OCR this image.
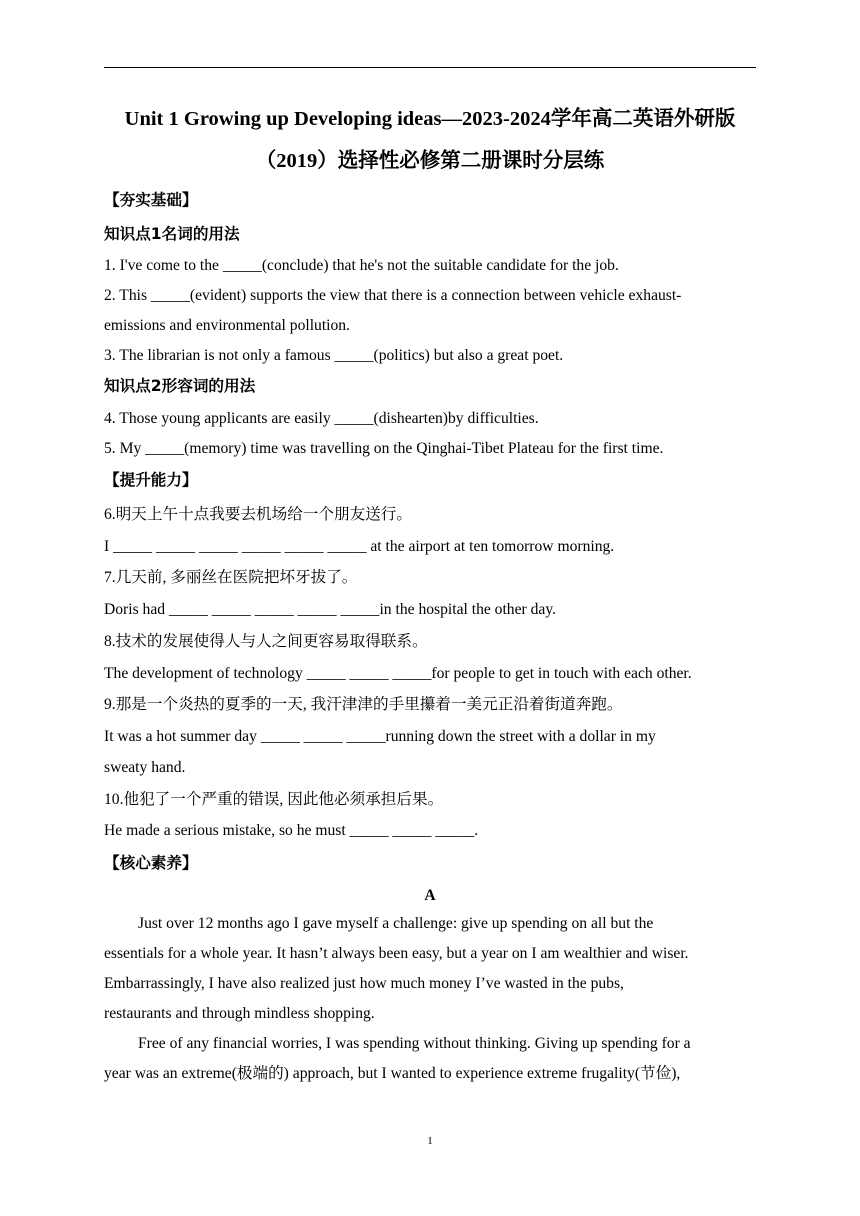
Unit 1 Growing up Developing ideas—2023-2024学年高二英语外研版
（2019）选择性必修第二册课时分层练
【夯实基础】
知识点1名词的用法
1. I've come to the _____(conclude) that he's not the suitable candidate for the job.
2. This _____(evident) supports the view that there is a connection between vehicle exhaust-
emissions and environmental pollution.
3. The librarian is not only a famous _____(politics) but also a great poet.
知识点2形容词的用法
4. Those young applicants are easily _____(dishearten)by difficulties.
5. My _____(memory) time was travelling on the Qinghai-Tibet Plateau for the first time.
【提升能力】
6.明天上午十点我要去机场给一个朋友送行。
I _____ _____ _____ _____ _____ _____ at the airport at ten tomorrow morning.
7.几天前, 多丽丝在医院把坏牙拔了。
Doris had _____ _____ _____ _____ _____in the hospital the other day.
8.技术的发展使得人与人之间更容易取得联系。
The development of technology _____ _____ _____for people to get in touch with each other.
9.那是一个炎热的夏季的一天, 我汗津津的手里攥着一美元正沿着街道奔跑。
It was a hot summer day _____ _____ _____running down the street with a dollar in my
sweaty hand.
10.他犯了一个严重的错误, 因此他必须承担后果。
He made a serious mistake, so he must _____ _____ _____.
【核心素养】
A
Just over 12 months ago I gave myself a challenge: give up spending on all but the
essentials for a whole year. It hasn’t always been easy, but a year on I am wealthier and wiser.
Embarrassingly, I have also realized just how much money I’ve wasted in the pubs,
restaurants and through mindless shopping.
Free of any financial worries, I was spending without thinking. Giving up spending for a
year was an extreme(极端的) approach, but I wanted to experience extreme frugality(节俭),
1
